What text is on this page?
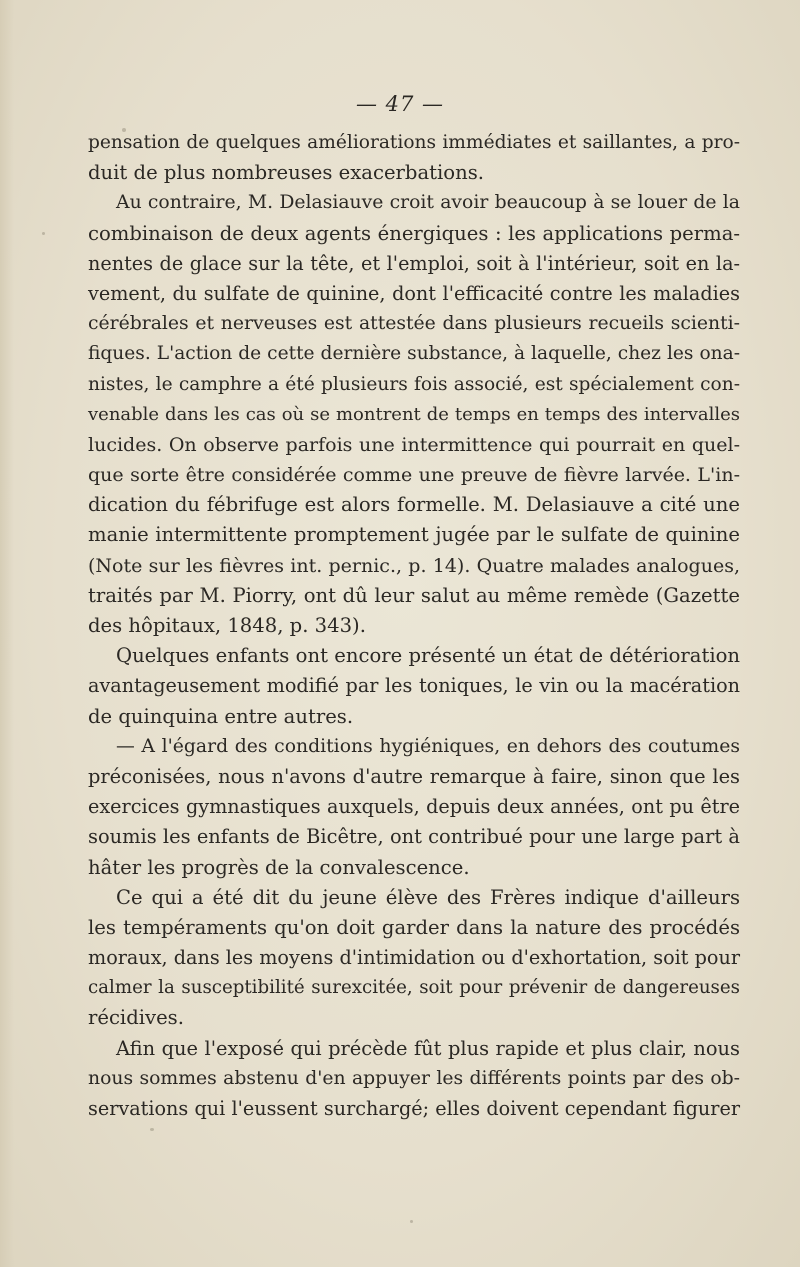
— 47 —
pensation de quelques améliorations immédiates et saillantes, a pro-
duit de plus nombreuses exacerbations.
Au contraire, M. Delasiauve croit avoir beaucoup à se louer de la
combinaison de deux agents énergiques : les applications perma-
nentes de glace sur la tête, et l'emploi, soit à l'intérieur, soit en la-
vement, du sulfate de quinine, dont l'efficacité contre les maladies
cérébrales et nerveuses est attestée dans plusieurs recueils scienti-
fiques. L'action de cette dernière substance, à laquelle, chez les ona-
nistes, le camphre a été plusieurs fois associé, est spécialement con-
venable dans les cas où se montrent de temps en temps des intervalles
lucides. On observe parfois une intermittence qui pourrait en quel-
que sorte être considérée comme une preuve de fièvre larvée. L'in-
dication du fébrifuge est alors formelle. M. Delasiauve a cité une
manie intermittente promptement jugée par le sulfate de quinine
(Note sur les fièvres int. pernic., p. 14). Quatre malades analogues,
traités par M. Piorry, ont dû leur salut au même remède (Gazette
des hôpitaux, 1848, p. 343).
Quelques enfants ont encore présenté un état de détérioration
avantageusement modifié par les toniques, le vin ou la macération
de quinquina entre autres.
— A l'égard des conditions hygiéniques, en dehors des coutumes
préconisées, nous n'avons d'autre remarque à faire, sinon que les
exercices gymnastiques auxquels, depuis deux années, ont pu être
soumis les enfants de Bicêtre, ont contribué pour une large part à
hâter les progrès de la convalescence.
Ce qui a été dit du jeune élève des Frères indique d'ailleurs
les tempéraments qu'on doit garder dans la nature des procédés
moraux, dans les moyens d'intimidation ou d'exhortation, soit pour
calmer la susceptibilité surexcitée, soit pour prévenir de dangereuses
récidives.
Afin que l'exposé qui précède fût plus rapide et plus clair, nous
nous sommes abstenu d'en appuyer les différents points par des ob-
servations qui l'eussent surchargé; elles doivent cependant figurer
